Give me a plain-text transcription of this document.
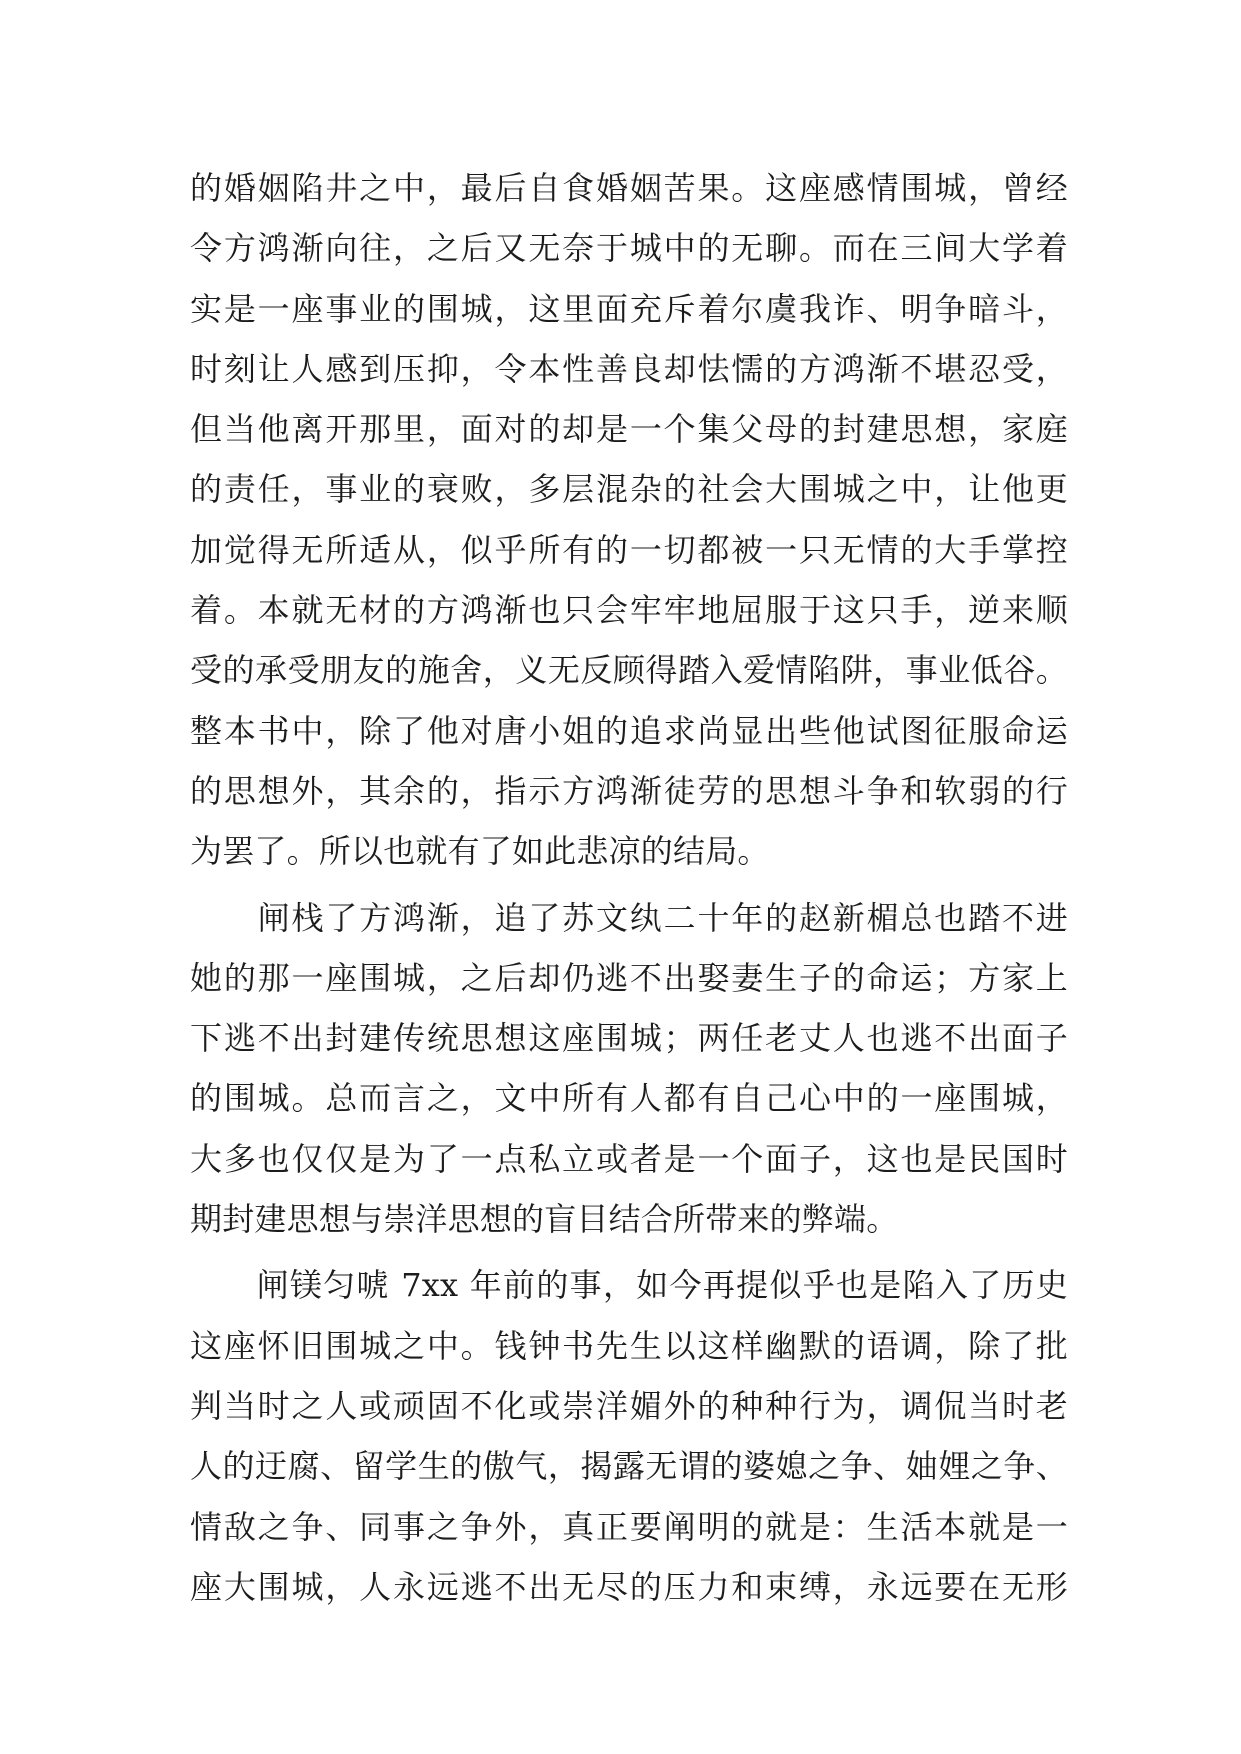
的婚姻陷井之中，最后自食婚姻苦果。这座感情围城，曾经
令方鸿渐向往，之后又无奈于城中的无聊。而在三间大学着
实是一座事业的围城，这里面充斥着尔虞我诈、明争暗斗，
时刻让人感到压抑，令本性善良却怯懦的方鸿渐不堪忍受，
但当他离开那里，面对的却是一个集父母的封建思想，家庭
的责任，事业的衰败，多层混杂的社会大围城之中，让他更
加觉得无所适从，似乎所有的一切都被一只无情的大手掌控
着。本就无材的方鸿渐也只会牢牢地屈服于这只手，逆来顺
受的承受朋友的施舍，义无反顾得踏入爱情陷阱，事业低谷。
整本书中，除了他对唐小姐的追求尚显出些他试图征服命运
的思想外，其余的，指示方鸿渐徒劳的思想斗争和软弱的行
为罢了。所以也就有了如此悲凉的结局。
　　闸栈了方鸿渐，追了苏文纨二十年的赵新楣总也踏不进
她的那一座围城，之后却仍逃不出娶妻生子的命运；方家上
下逃不出封建传统思想这座围城；两任老丈人也逃不出面子
的围城。总而言之，文中所有人都有自己心中的一座围城，
大多也仅仅是为了一点私立或者是一个面子，这也是民国时
期封建思想与崇洋思想的盲目结合所带来的弊端。
　　闸镁匀唬 7xx 年前的事，如今再提似乎也是陷入了历史
这座怀旧围城之中。钱钟书先生以这样幽默的语调，除了批
判当时之人或顽固不化或崇洋媚外的种种行为，调侃当时老
人的迂腐、留学生的傲气，揭露无谓的婆媳之争、妯娌之争、
情敌之争、同事之争外，真正要阐明的就是：生活本就是一
座大围城，人永远逃不出无尽的压力和束缚，永远要在无形
